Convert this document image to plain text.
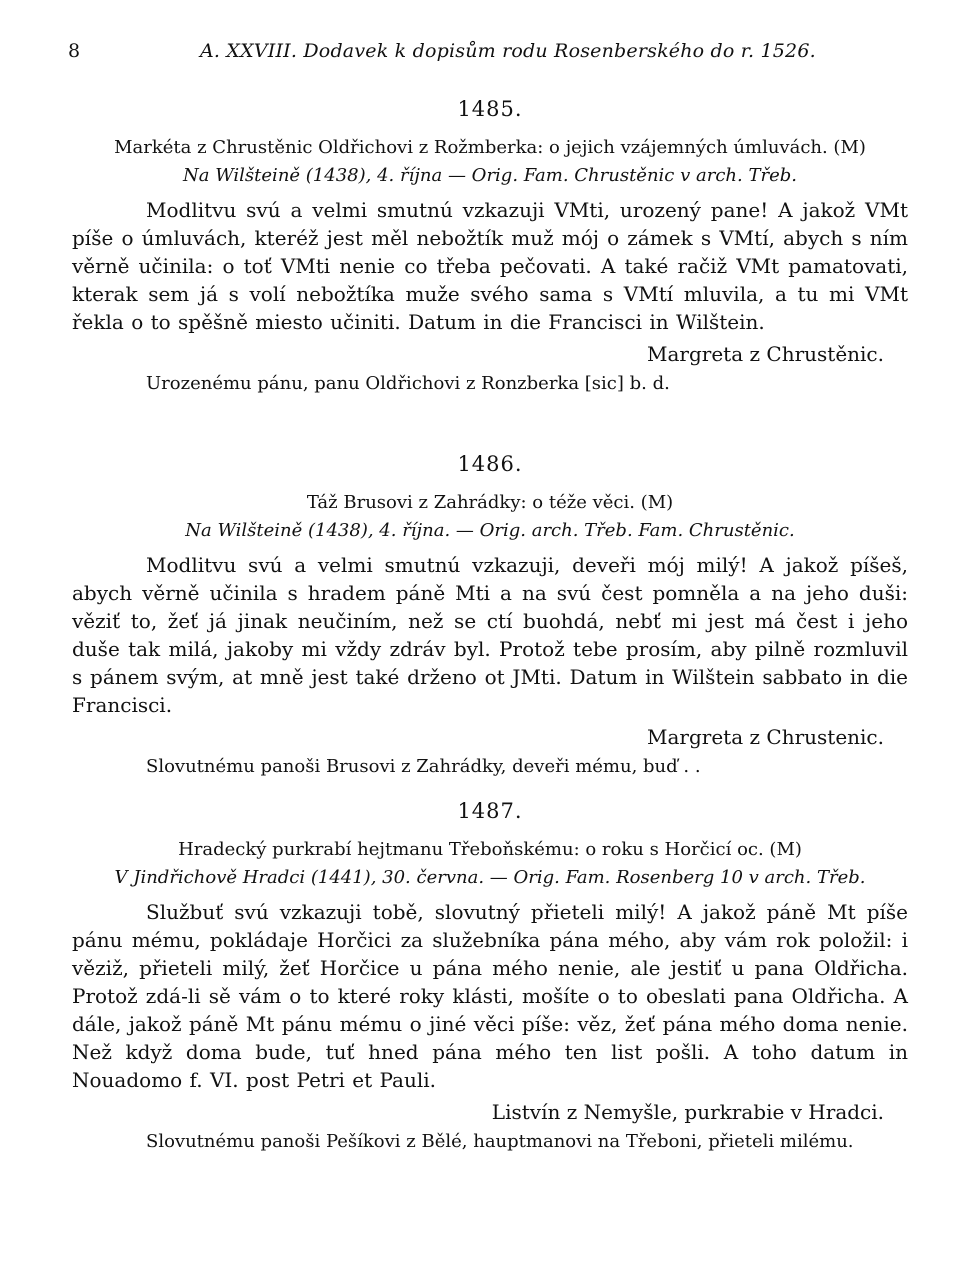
8	A. XXVIII. Dodavek k dopisům rodu Rosenberského do r. 1526.
1485.

Markéta z Chrustěnic Oldřichovi z Rožmberka: o jejich vzájemných úmluvách. (M)

Na Wilšteině (1438), 4. října — Orig. Fam. Chrustěnic v arch. Třeb.

Modlitvu svú a velmi smutnú vzkazuji VMti, urozený pane! A jakož VMt píše o úmluvách, kteréž jest měl nebožtík muž mój o zámek s VMtí, abych s ním věrně učinila: o toť VMti nenie co třeba pečovati. A také račiž VMt pamatovati, kterak sem já s volí nebožtíka muže svého sama s VMtí mluvila, a tu mi VMt řekla o to spěšně miesto učiniti. Datum in die Francisci in Wilštein.

Margreta z Chrustěnic.

Urozenému pánu, panu Oldřichovi z Ronzberka [sic] b. d.

1486.

Táž Brusovi z Zahrádky: o téže věci. (M)

Na Wilšteině (1438), 4. října. — Orig. arch. Třeb. Fam. Chrustěnic.

Modlitvu svú a velmi smutnú vzkazuji, deveři mój milý! A jakož píšeš, abych věrně učinila s hradem páně Mti a na svú čest pomněla a na jeho duši: věziť to, žeť já jinak neučiním, než se ctí buohdá, nebť mi jest má čest i jeho duše tak milá, jakoby mi vždy zdráv byl. Protož tebe prosím, aby pilně rozmluvil s pánem svým, at mně jest také drženo ot JMti. Datum in Wilštein sabbato in die Francisci.

Margreta z Chrustenic.

Slovutnému panoši Brusovi z Zahrádky, deveři mému, buď . .

1487.

Hradecký purkrabí hejtmanu Třeboňskému: o roku s Horčicí oc. (M)

V Jindřichově Hradci (1441), 30. června. — Orig. Fam. Rosenberg 10 v arch. Třeb.

Službuť svú vzkazuji tobě, slovutný přieteli milý! A jakož páně Mt píše pánu mému, pokládaje Horčici za služebníka pána mého, aby vám rok položil: i věziž, přieteli milý, žeť Horčice u pána mého nenie, ale jestiť u pana Oldřicha. Protož zdá-li sě vám o to které roky klásti, mošíte o to obeslati pana Oldřicha. A dále, jakož páně Mt pánu mému o jiné věci píše: věz, žeť pána mého doma nenie. Než když doma bude, tuť hned pána mého ten list pošli. A toho datum in Nouadomo f. VI. post Petri et Pauli.

Listvín z Nemyšle, purkrabie v Hradci.

Slovutnému panoši Pešíkovi z Bělé, hauptmanovi na Třeboni, přieteli milému.
